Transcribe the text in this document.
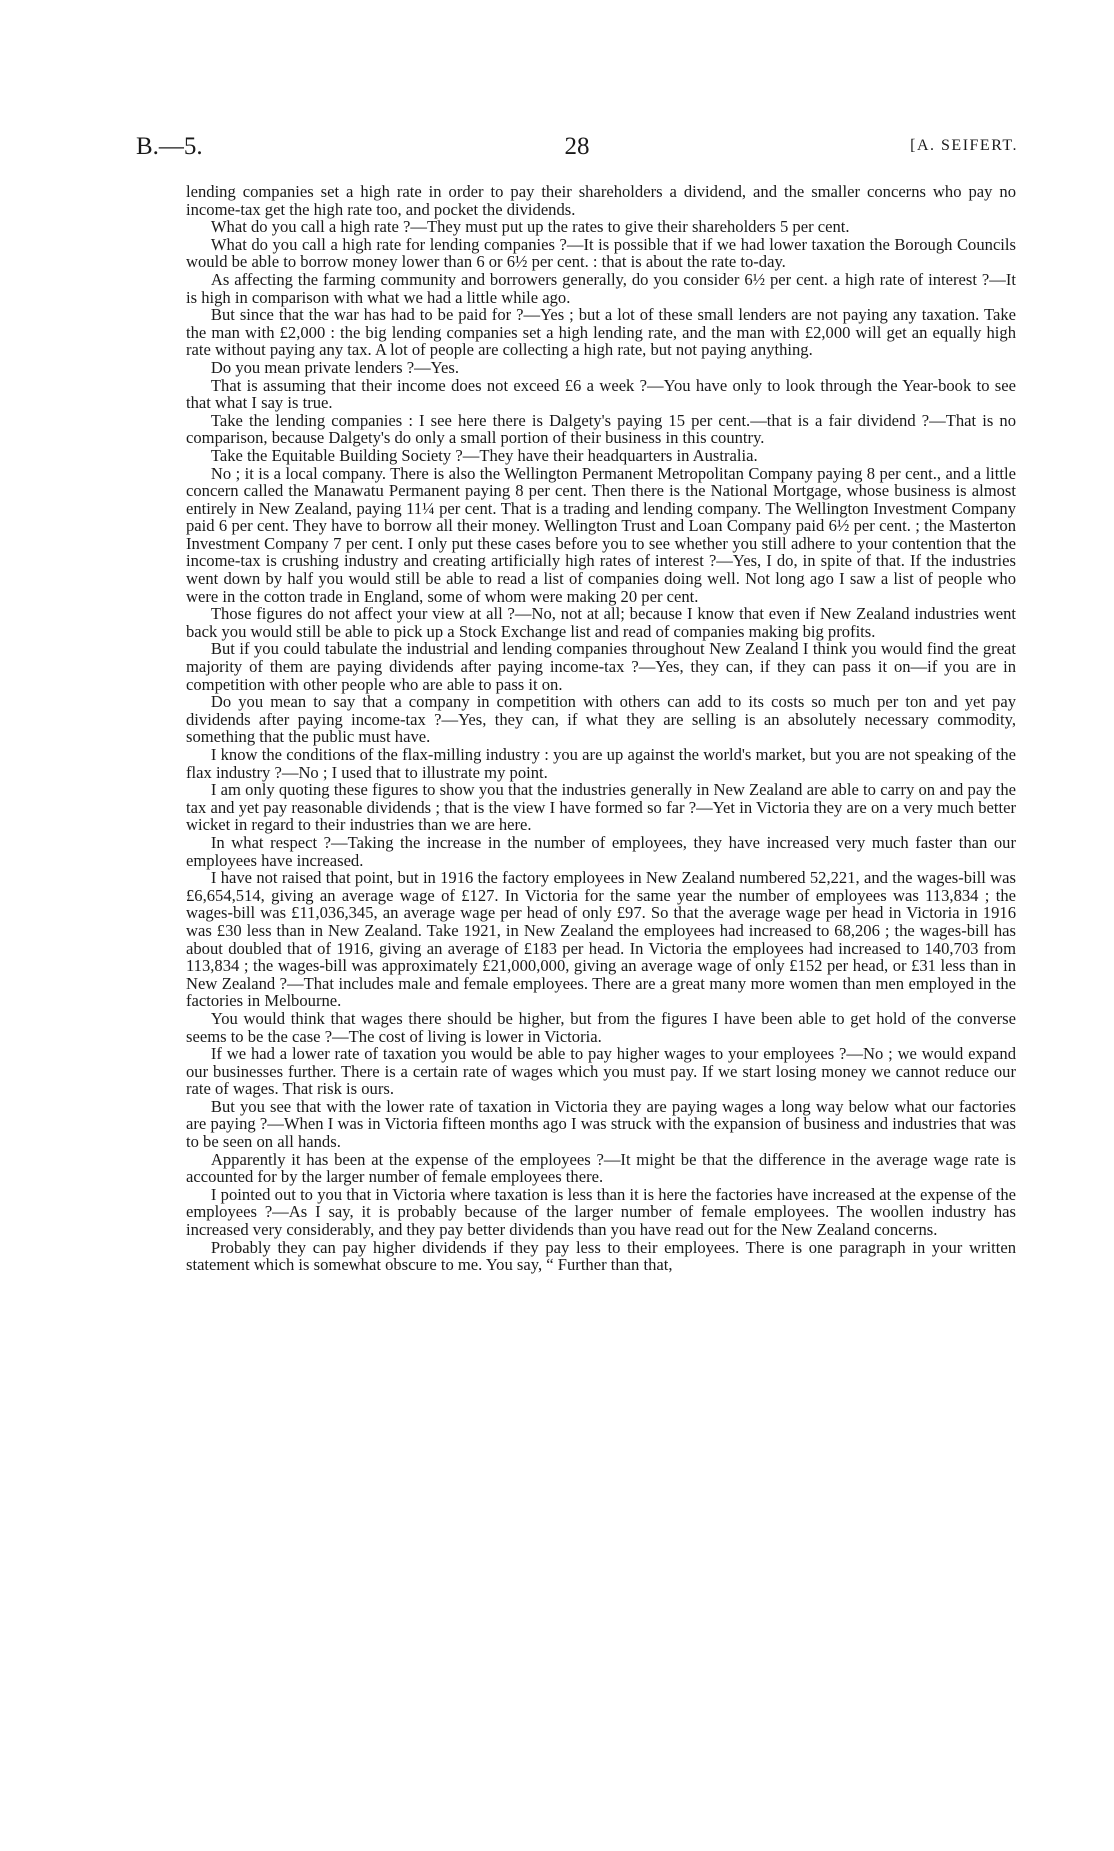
B.—5.	28	[A. SEIFERT.

lending companies set a high rate in order to pay their shareholders a dividend, and the smaller concerns who pay no income-tax get the high rate too, and pocket the dividends.

What do you call a high rate ?—They must put up the rates to give their shareholders 5 per cent.

What do you call a high rate for lending companies ?—It is possible that if we had lower taxation the Borough Councils would be able to borrow money lower than 6 or 6½ per cent. : that is about the rate to-day.

As affecting the farming community and borrowers generally, do you consider 6½ per cent. a high rate of interest ?—It is high in comparison with what we had a little while ago.

But since that the war has had to be paid for ?—Yes ; but a lot of these small lenders are not paying any taxation. Take the man with £2,000 : the big lending companies set a high lending rate, and the man with £2,000 will get an equally high rate without paying any tax. A lot of people are collecting a high rate, but not paying anything.

Do you mean private lenders ?—Yes.

That is assuming that their income does not exceed £6 a week ?—You have only to look through the Year-book to see that what I say is true.

Take the lending companies : I see here there is Dalgety's paying 15 per cent.—that is a fair dividend ?—That is no comparison, because Dalgety's do only a small portion of their business in this country.

Take the Equitable Building Society ?—They have their headquarters in Australia.

No ; it is a local company. There is also the Wellington Permanent Metropolitan Company paying 8 per cent., and a little concern called the Manawatu Permanent paying 8 per cent. Then there is the National Mortgage, whose business is almost entirely in New Zealand, paying 11¼ per cent. That is a trading and lending company. The Wellington Investment Company paid 6 per cent. They have to borrow all their money. Wellington Trust and Loan Company paid 6½ per cent. ; the Masterton Investment Company 7 per cent. I only put these cases before you to see whether you still adhere to your contention that the income-tax is crushing industry and creating artificially high rates of interest ?—Yes, I do, in spite of that. If the industries went down by half you would still be able to read a list of companies doing well. Not long ago I saw a list of people who were in the cotton trade in England, some of whom were making 20 per cent.

Those figures do not affect your view at all ?—No, not at all; because I know that even if New Zealand industries went back you would still be able to pick up a Stock Exchange list and read of companies making big profits.

But if you could tabulate the industrial and lending companies throughout New Zealand I think you would find the great majority of them are paying dividends after paying income-tax ?—Yes, they can, if they can pass it on—if you are in competition with other people who are able to pass it on.

Do you mean to say that a company in competition with others can add to its costs so much per ton and yet pay dividends after paying income-tax ?—Yes, they can, if what they are selling is an absolutely necessary commodity, something that the public must have.

I know the conditions of the flax-milling industry : you are up against the world's market, but you are not speaking of the flax industry ?—No ; I used that to illustrate my point.

I am only quoting these figures to show you that the industries generally in New Zealand are able to carry on and pay the tax and yet pay reasonable dividends ; that is the view I have formed so far ?—Yet in Victoria they are on a very much better wicket in regard to their industries than we are here.

In what respect ?—Taking the increase in the number of employees, they have increased very much faster than our employees have increased.

I have not raised that point, but in 1916 the factory employees in New Zealand numbered 52,221, and the wages-bill was £6,654,514, giving an average wage of £127. In Victoria for the same year the number of employees was 113,834 ; the wages-bill was £11,036,345, an average wage per head of only £97. So that the average wage per head in Victoria in 1916 was £30 less than in New Zealand. Take 1921, in New Zealand the employees had increased to 68,206 ; the wages-bill has about doubled that of 1916, giving an average of £183 per head. In Victoria the employees had increased to 140,703 from 113,834 ; the wages-bill was approximately £21,000,000, giving an average wage of only £152 per head, or £31 less than in New Zealand ?—That includes male and female employees. There are a great many more women than men employed in the factories in Melbourne.

You would think that wages there should be higher, but from the figures I have been able to get hold of the converse seems to be the case ?—The cost of living is lower in Victoria.

If we had a lower rate of taxation you would be able to pay higher wages to your employees ?—No ; we would expand our businesses further. There is a certain rate of wages which you must pay. If we start losing money we cannot reduce our rate of wages. That risk is ours.

But you see that with the lower rate of taxation in Victoria they are paying wages a long way below what our factories are paying ?—When I was in Victoria fifteen months ago I was struck with the expansion of business and industries that was to be seen on all hands.

Apparently it has been at the expense of the employees ?—It might be that the difference in the average wage rate is accounted for by the larger number of female employees there.

I pointed out to you that in Victoria where taxation is less than it is here the factories have increased at the expense of the employees ?—As I say, it is probably because of the larger number of female employees. The woollen industry has increased very considerably, and they pay better dividends than you have read out for the New Zealand concerns.

Probably they can pay higher dividends if they pay less to their employees. There is one paragraph in your written statement which is somewhat obscure to me. You say, “ Further than that,
